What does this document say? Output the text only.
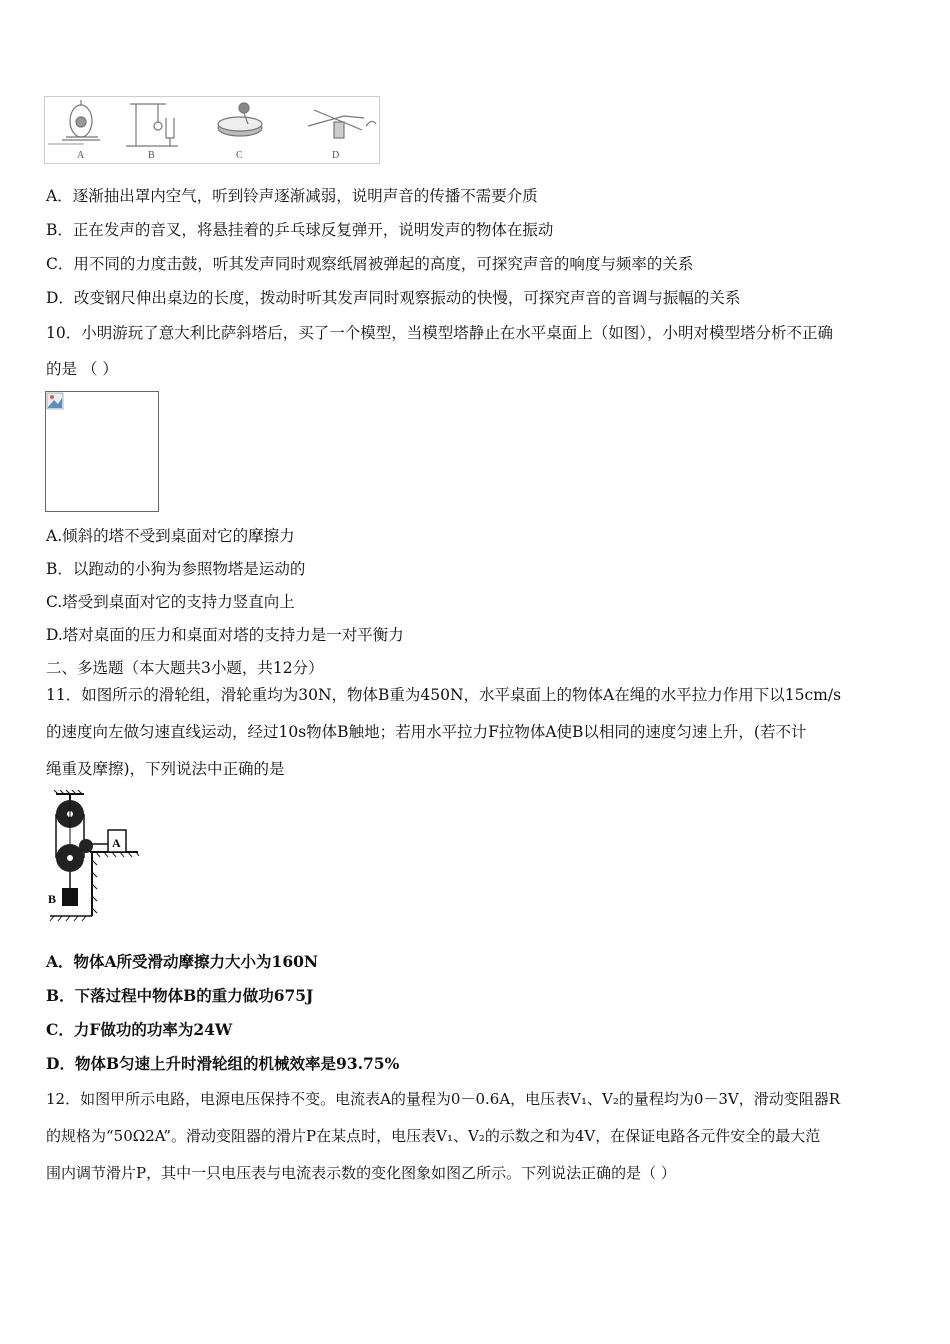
A	B	C	D
A．逐渐抽出罩内空气，听到铃声逐渐减弱，说明声音的传播不需要介质
B．正在发声的音叉，将悬挂着的乒乓球反复弹开，说明发声的物体在振动
C．用不同的力度击鼓，听其发声同时观察纸屑被弹起的高度，可探究声音的响度与频率的关系
D．改变钢尺伸出桌边的长度，拨动时听其发声同时观察振动的快慢，可探究声音的音调与振幅的关系
10．小明游玩了意大利比萨斜塔后，买了一个模型，当模型塔静止在水平桌面上（如图），小明对模型塔分析不正确
的是 （ ）
A.倾斜的塔不受到桌面对它的摩擦力
B．以跑动的小狗为参照物塔是运动的
C.塔受到桌面对它的支持力竖直向上
D.塔对桌面的压力和桌面对塔的支持力是一对平衡力
二、多选题（本大题共3小题，共12分）
11．如图所示的滑轮组，滑轮重均为30N，物体B重为450N，水平桌面上的物体A在绳的水平拉力作用下以15cm/s
的速度向左做匀速直线运动，经过10s物体B触地；若用水平拉力F拉物体A使B以相同的速度匀速上升，(若不计
绳重及摩擦)，下列说法中正确的是
A
B
A．物体A所受滑动摩擦力大小为160N
B．下落过程中物体B的重力做功675J
C．力F做功的功率为24W
D．物体B匀速上升时滑轮组的机械效率是93.75%
12．如图甲所示电路，电源电压保持不变。电流表A的量程为0－0.6A，电压表V₁、V₂的量程均为0－3V，滑动变阻器R
的规格为“50Ω2A”。滑动变阻器的滑片P在某点时，电压表V₁、V₂的示数之和为4V，在保证电路各元件安全的最大范
围内调节滑片P，其中一只电压表与电流表示数的变化图象如图乙所示。下列说法正确的是（ ）
